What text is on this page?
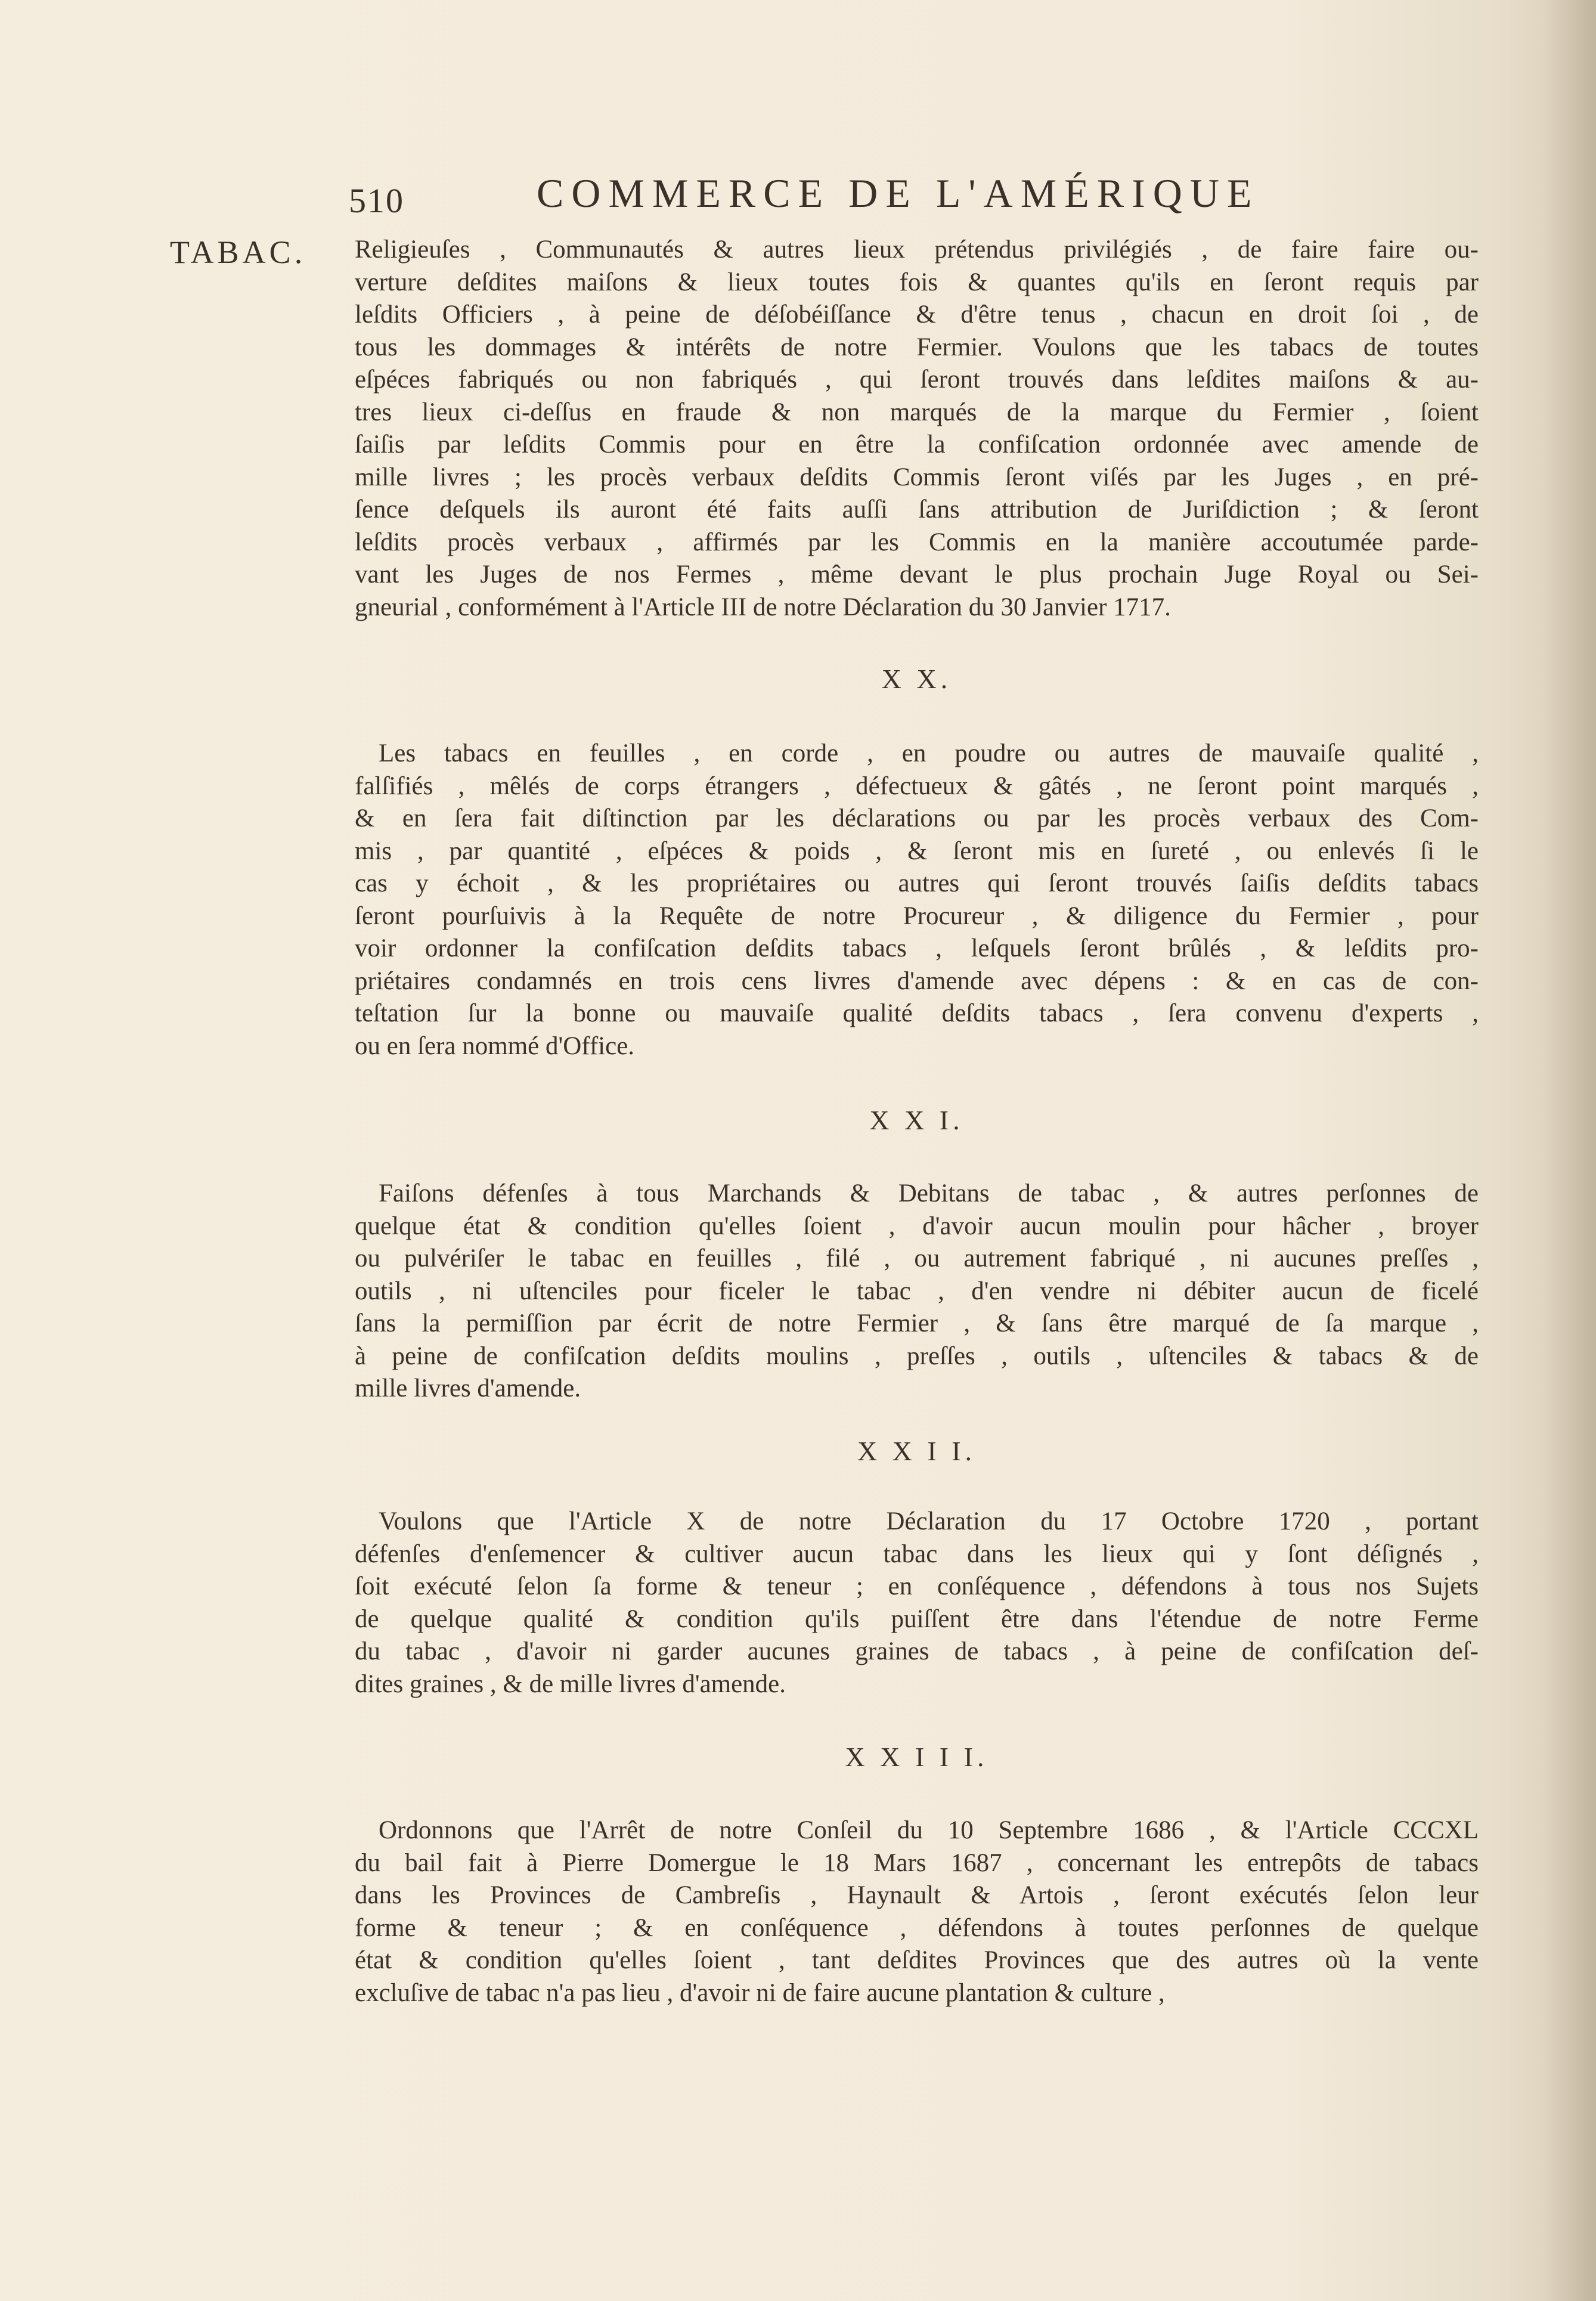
510	COMMERCE DE L'AMÉRIQUE
TABAC. Religieuſes , Communautés & autres lieux prétendus privilégiés , de faire faire ou-
verture deſdites maiſons & lieux toutes fois & quantes qu'ils en ſeront requis par
leſdits Officiers , à peine de déſobéiſſance & d'être tenus , chacun en droit ſoi , de
tous les dommages & intérêts de notre Fermier. Voulons que les tabacs de toutes
eſpéces fabriqués ou non fabriqués , qui ſeront trouvés dans leſdites maiſons & au-
tres lieux ci-deſſus en fraude & non marqués de la marque du Fermier , ſoient
ſaiſis par leſdits Commis pour en être la confiſcation ordonnée avec amende de
mille livres ; les procès verbaux deſdits Commis ſeront viſés par les Juges , en pré-
ſence deſquels ils auront été faits auſſi ſans attribution de Juriſdiction ; & ſeront
leſdits procès verbaux , affirmés par les Commis en la manière accoutumée parde-
vant les Juges de nos Fermes , même devant le plus prochain Juge Royal ou Sei-
gneurial , conformément à l'Article III de notre Déclaration du 30 Janvier 1717.

X X.

Les tabacs en feuilles , en corde , en poudre ou autres de mauvaiſe qualité ,
falſifiés , mêlés de corps étrangers , défectueux & gâtés , ne ſeront point marqués ,
& en ſera fait diſtinction par les déclarations ou par les procès verbaux des Com-
mis , par quantité , eſpéces & poids , & ſeront mis en ſureté , ou enlevés ſi le
cas y échoit , & les propriétaires ou autres qui ſeront trouvés ſaiſis deſdits tabacs
ſeront pourſuivis à la Requête de notre Procureur , & diligence du Fermier , pour
voir ordonner la confiſcation deſdits tabacs , leſquels ſeront brûlés , & leſdits pro-
priétaires condamnés en trois cens livres d'amende avec dépens : & en cas de con-
teſtation ſur la bonne ou mauvaiſe qualité deſdits tabacs , ſera convenu d'experts ,
ou en ſera nommé d'Office.

X X I.

Faiſons défenſes à tous Marchands & Debitans de tabac , & autres perſonnes de
quelque état & condition qu'elles ſoient , d'avoir aucun moulin pour hâcher , broyer
ou pulvériſer le tabac en feuilles , filé , ou autrement fabriqué , ni aucunes preſſes ,
outils , ni uſtenciles pour ficeler le tabac , d'en vendre ni débiter aucun de ficelé
ſans la permiſſion par écrit de notre Fermier , & ſans être marqué de ſa marque ,
à peine de confiſcation deſdits moulins , preſſes , outils , uſtenciles & tabacs & de
mille livres d'amende.

X X I I.

Voulons que l'Article X de notre Déclaration du 17 Octobre 1720 , portant
défenſes d'enſemencer & cultiver aucun tabac dans les lieux qui y ſont déſignés ,
ſoit exécuté ſelon ſa forme & teneur ; en conſéquence , défendons à tous nos Sujets
de quelque qualité & condition qu'ils puiſſent être dans l'étendue de notre Ferme
du tabac , d'avoir ni garder aucunes graines de tabacs , à peine de confiſcation deſ-
dites graines , & de mille livres d'amende.

X X I I I.

Ordonnons que l'Arrêt de notre Conſeil du 10 Septembre 1686 , & l'Article CCCXL
du bail fait à Pierre Domergue le 18 Mars 1687 , concernant les entrepôts de tabacs
dans les Provinces de Cambreſis , Haynault & Artois , ſeront exécutés ſelon leur
forme & teneur ; & en conſéquence , défendons à toutes perſonnes de quelque
état & condition qu'elles ſoient , tant deſdites Provinces que des autres où la vente
excluſive de tabac n'a pas lieu , d'avoir ni de faire aucune plantation & culture ,
